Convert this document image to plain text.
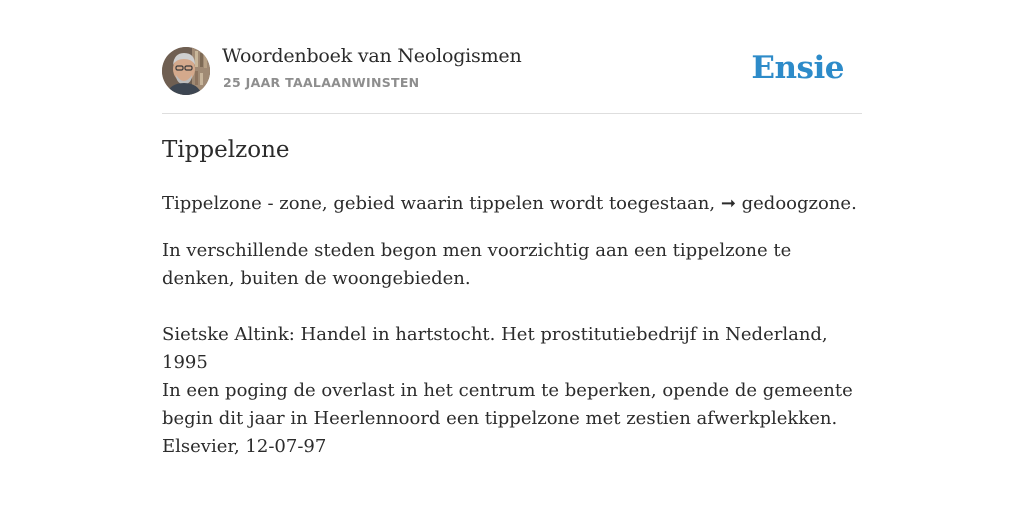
Woordenboek van Neologismen
25 JAAR TAALAANWINSTEN	Ensie
Tippelzone
Tippelzone - zone, gebied waarin tippelen wordt toegestaan, ➞ gedoogzone.
In verschillende steden begon men voorzichtig aan een tippelzone te denken, buiten de woongebieden.
Sietske Altink: Handel in hartstocht. Het prostitutiebedrijf in Nederland, 1995
In een poging de overlast in het centrum te beperken, opende de gemeente begin dit jaar in Heerlennoord een tippelzone met zestien afwerkplekken. Elsevier, 12-07-97
